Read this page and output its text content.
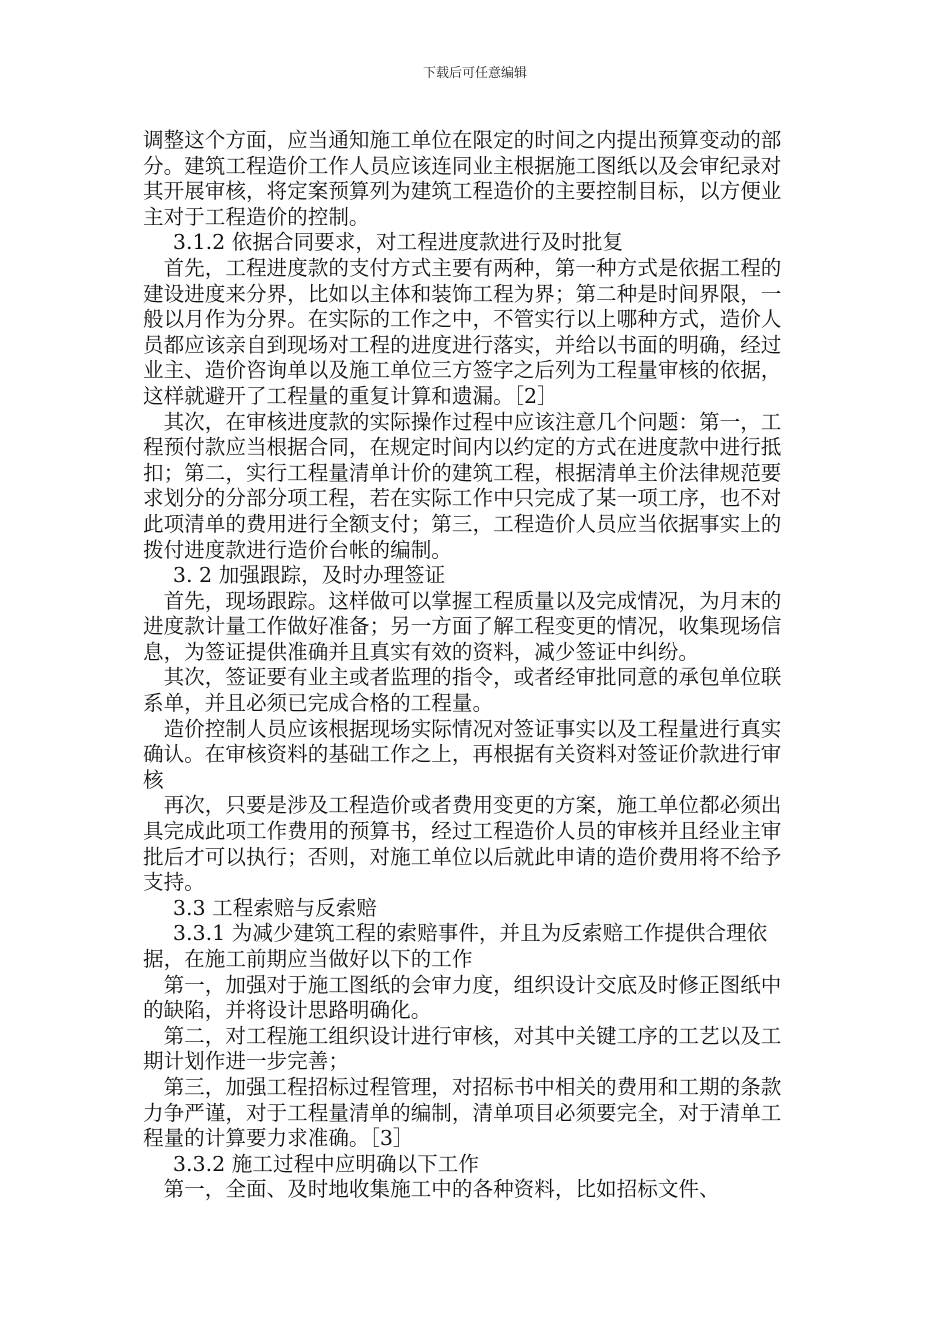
下载后可任意编辑

调整这个方面，应当通知施工单位在限定的时间之内提出预算变动的部分。建筑工程造价工作人员应该连同业主根据施工图纸以及会审纪录对其开展审核，将定案预算列为建筑工程造价的主要控制目标，以方便业主对于工程造价的控制。

3.1.2 依据合同要求，对工程进度款进行及时批复

首先，工程进度款的支付方式主要有两种，第一种方式是依据工程的建设进度来分界，比如以主体和装饰工程为界；第二种是时间界限，一般以月作为分界。在实际的工作之中，不管实行以上哪种方式，造价人员都应该亲自到现场对工程的进度进行落实，并给以书面的明确，经过业主、造价咨询单以及施工单位三方签字之后列为工程量审核的依据，这样就避开了工程量的重复计算和遗漏。［2］

其次，在审核进度款的实际操作过程中应该注意几个问题：第一，工程预付款应当根据合同，在规定时间内以约定的方式在进度款中进行抵扣；第二，实行工程量清单计价的建筑工程，根据清单主价法律规范要求划分的分部分项工程，若在实际工作中只完成了某一项工序，也不对此项清单的费用进行全额支付；第三，工程造价人员应当依据事实上的拨付进度款进行造价台帐的编制。

3. 2 加强跟踪，及时办理签证

首先，现场跟踪。这样做可以掌握工程质量以及完成情况，为月末的进度款计量工作做好准备；另一方面了解工程变更的情况，收集现场信息，为签证提供准确并且真实有效的资料，减少签证中纠纷。

其次，签证要有业主或者监理的指令，或者经审批同意的承包单位联系单，并且必须已完成合格的工程量。

造价控制人员应该根据现场实际情况对签证事实以及工程量进行真实确认。在审核资料的基础工作之上，再根据有关资料对签证价款进行审核

再次，只要是涉及工程造价或者费用变更的方案，施工单位都必须出具完成此项工作费用的预算书，经过工程造价人员的审核并且经业主审批后才可以执行；否则，对施工单位以后就此申请的造价费用将不给予支持。

3.3 工程索赔与反索赔

3.3.1 为减少建筑工程的索赔事件，并且为反索赔工作提供合理依据，在施工前期应当做好以下的工作

第一，加强对于施工图纸的会审力度，组织设计交底及时修正图纸中的缺陷，并将设计思路明确化。

第二，对工程施工组织设计进行审核，对其中关键工序的工艺以及工期计划作进一步完善；

第三，加强工程招标过程管理，对招标书中相关的费用和工期的条款力争严谨，对于工程量清单的编制，清单项目必须要完全，对于清单工程量的计算要力求准确。［3］

3.3.2 施工过程中应明确以下工作

第一，全面、及时地收集施工中的各种资料，比如招标文件、
